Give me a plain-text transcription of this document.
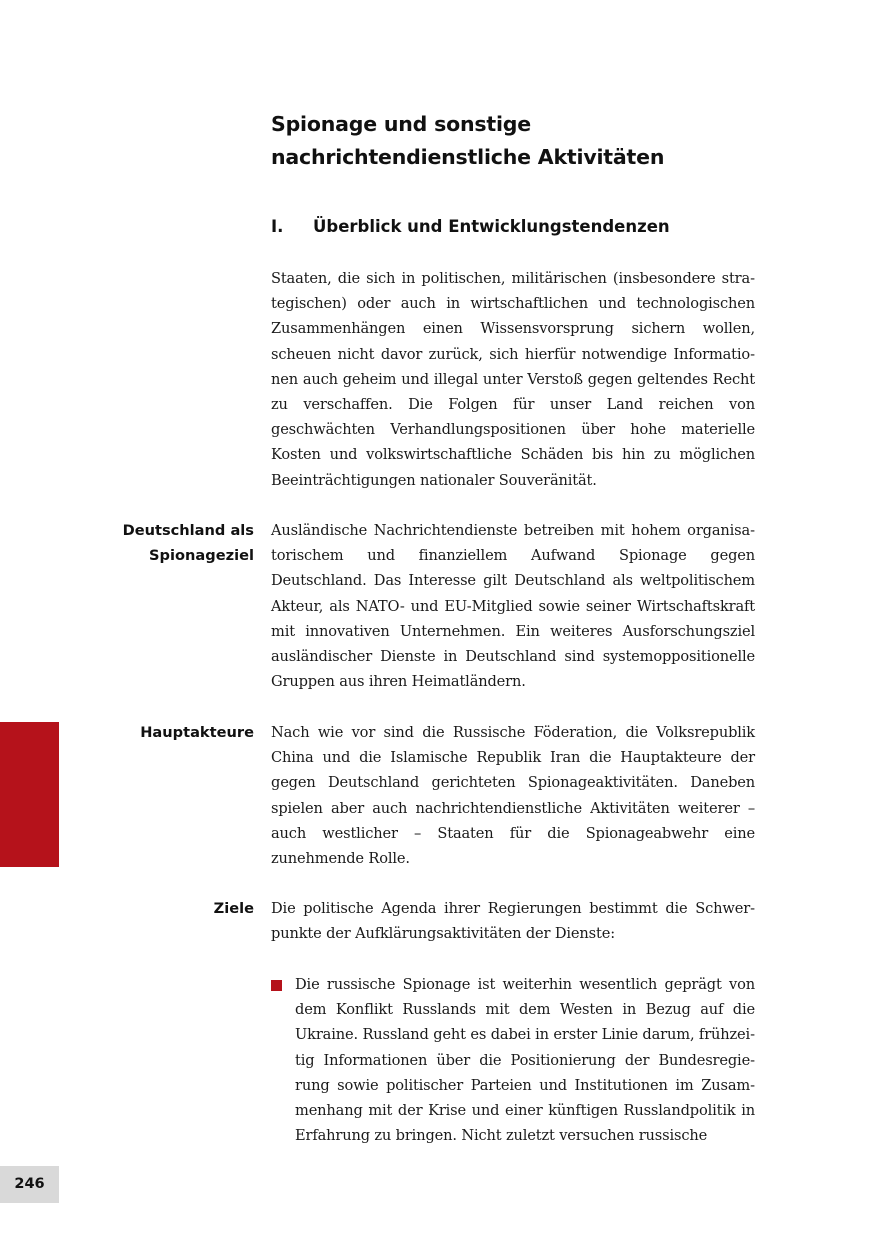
Spionage und sonstige
nachrichtendienstliche Aktivitäten
I. Überblick und Entwicklungstendenzen

Staaten, die sich in politischen, militärischen (insbesondere strategischen) oder auch in wirtschaftlichen und technologischen Zusammenhängen einen Wissensvorsprung sichern wollen, scheuen nicht davor zurück, sich hierfür notwendige Informationen auch geheim und illegal unter Verstoß gegen geltendes Recht zu verschaffen. Die Folgen für unser Land reichen von geschwächten Verhandlungspositionen über hohe materielle Kosten und volkswirtschaftliche Schäden bis hin zu möglichen Beeinträchtigungen nationaler Souveränität.

Deutschland als
Spionageziel

Ausländische Nachrichtendienste betreiben mit hohem organisatorischem und finanziellem Aufwand Spionage gegen Deutschland. Das Interesse gilt Deutschland als weltpolitischem Akteur, als NATO- und EU-Mitglied sowie seiner Wirtschaftskraft mit innovativen Unternehmen. Ein weiteres Ausforschungsziel ausländischer Dienste in Deutschland sind systemoppositionelle Gruppen aus ihren Heimatländern.

Hauptakteure Nach wie vor sind die Russische Föderation, die Volksrepublik China und die Islamische Republik Iran die Hauptakteure der gegen Deutschland gerichteten Spionageaktivitäten. Daneben spielen aber auch nachrichtendienstliche Aktivitäten weiterer – auch westlicher – Staaten für die Spionageabwehr eine zunehmende Rolle.

Ziele Die politische Agenda ihrer Regierungen bestimmt die Schwerpunkte der Aufklärungsaktivitäten der Dienste:

Die russische Spionage ist weiterhin wesentlich geprägt von dem Konflikt Russlands mit dem Westen in Bezug auf die Ukraine. Russland geht es dabei in erster Linie darum, frühzeitig Informationen über die Positionierung der Bundesregierung sowie politischer Parteien und Institutionen im Zusammenhang mit der Krise und einer künftigen Russlandpolitik in Erfahrung zu bringen. Nicht zuletzt versuchen russische

246
